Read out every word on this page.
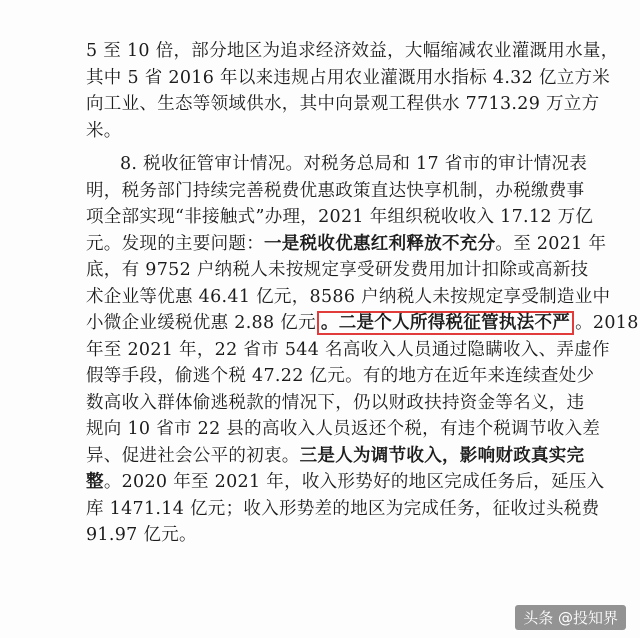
5 至 10 倍，部分地区为追求经济效益，大幅缩减农业灌溉用水量，
其中 5 省 2016 年以来违规占用农业灌溉用水指标 4.32 亿立方米
向工业、生态等领域供水，其中向景观工程供水 7713.29 万立方
米。
8. 税收征管审计情况。对税务总局和 17 省市的审计情况表
明，税务部门持续完善税费优惠政策直达快享机制，办税缴费事
项全部实现“非接触式”办理，2021 年组织税收收入 17.12 万亿
元。发现的主要问题：一是税收优惠红利释放不充分。至 2021 年
底，有 9752 户纳税人未按规定享受研发费用加计扣除或高新技
术企业等优惠 46.41 亿元，8586 户纳税人未按规定享受制造业中
小微企业缓税优惠 2.88 亿元 。二是个人所得税征管执法不严 。2018
年至 2021 年，22 省市 544 名高收入人员通过隐瞒收入、弄虚作
假等手段，偷逃个税 47.22 亿元。有的地方在近年来连续查处少
数高收入群体偷逃税款的情况下，仍以财政扶持资金等名义，违
规向 10 省市 22 县的高收入人员返还个税，有违个税调节收入差
异、促进社会公平的初衷。三是人为调节收入，影响财政真实完
整。2020 年至 2021 年，收入形势好的地区完成任务后，延压入
库 1471.14 亿元；收入形势差的地区为完成任务，征收过头税费
91.97 亿元。
头条 @投知界
